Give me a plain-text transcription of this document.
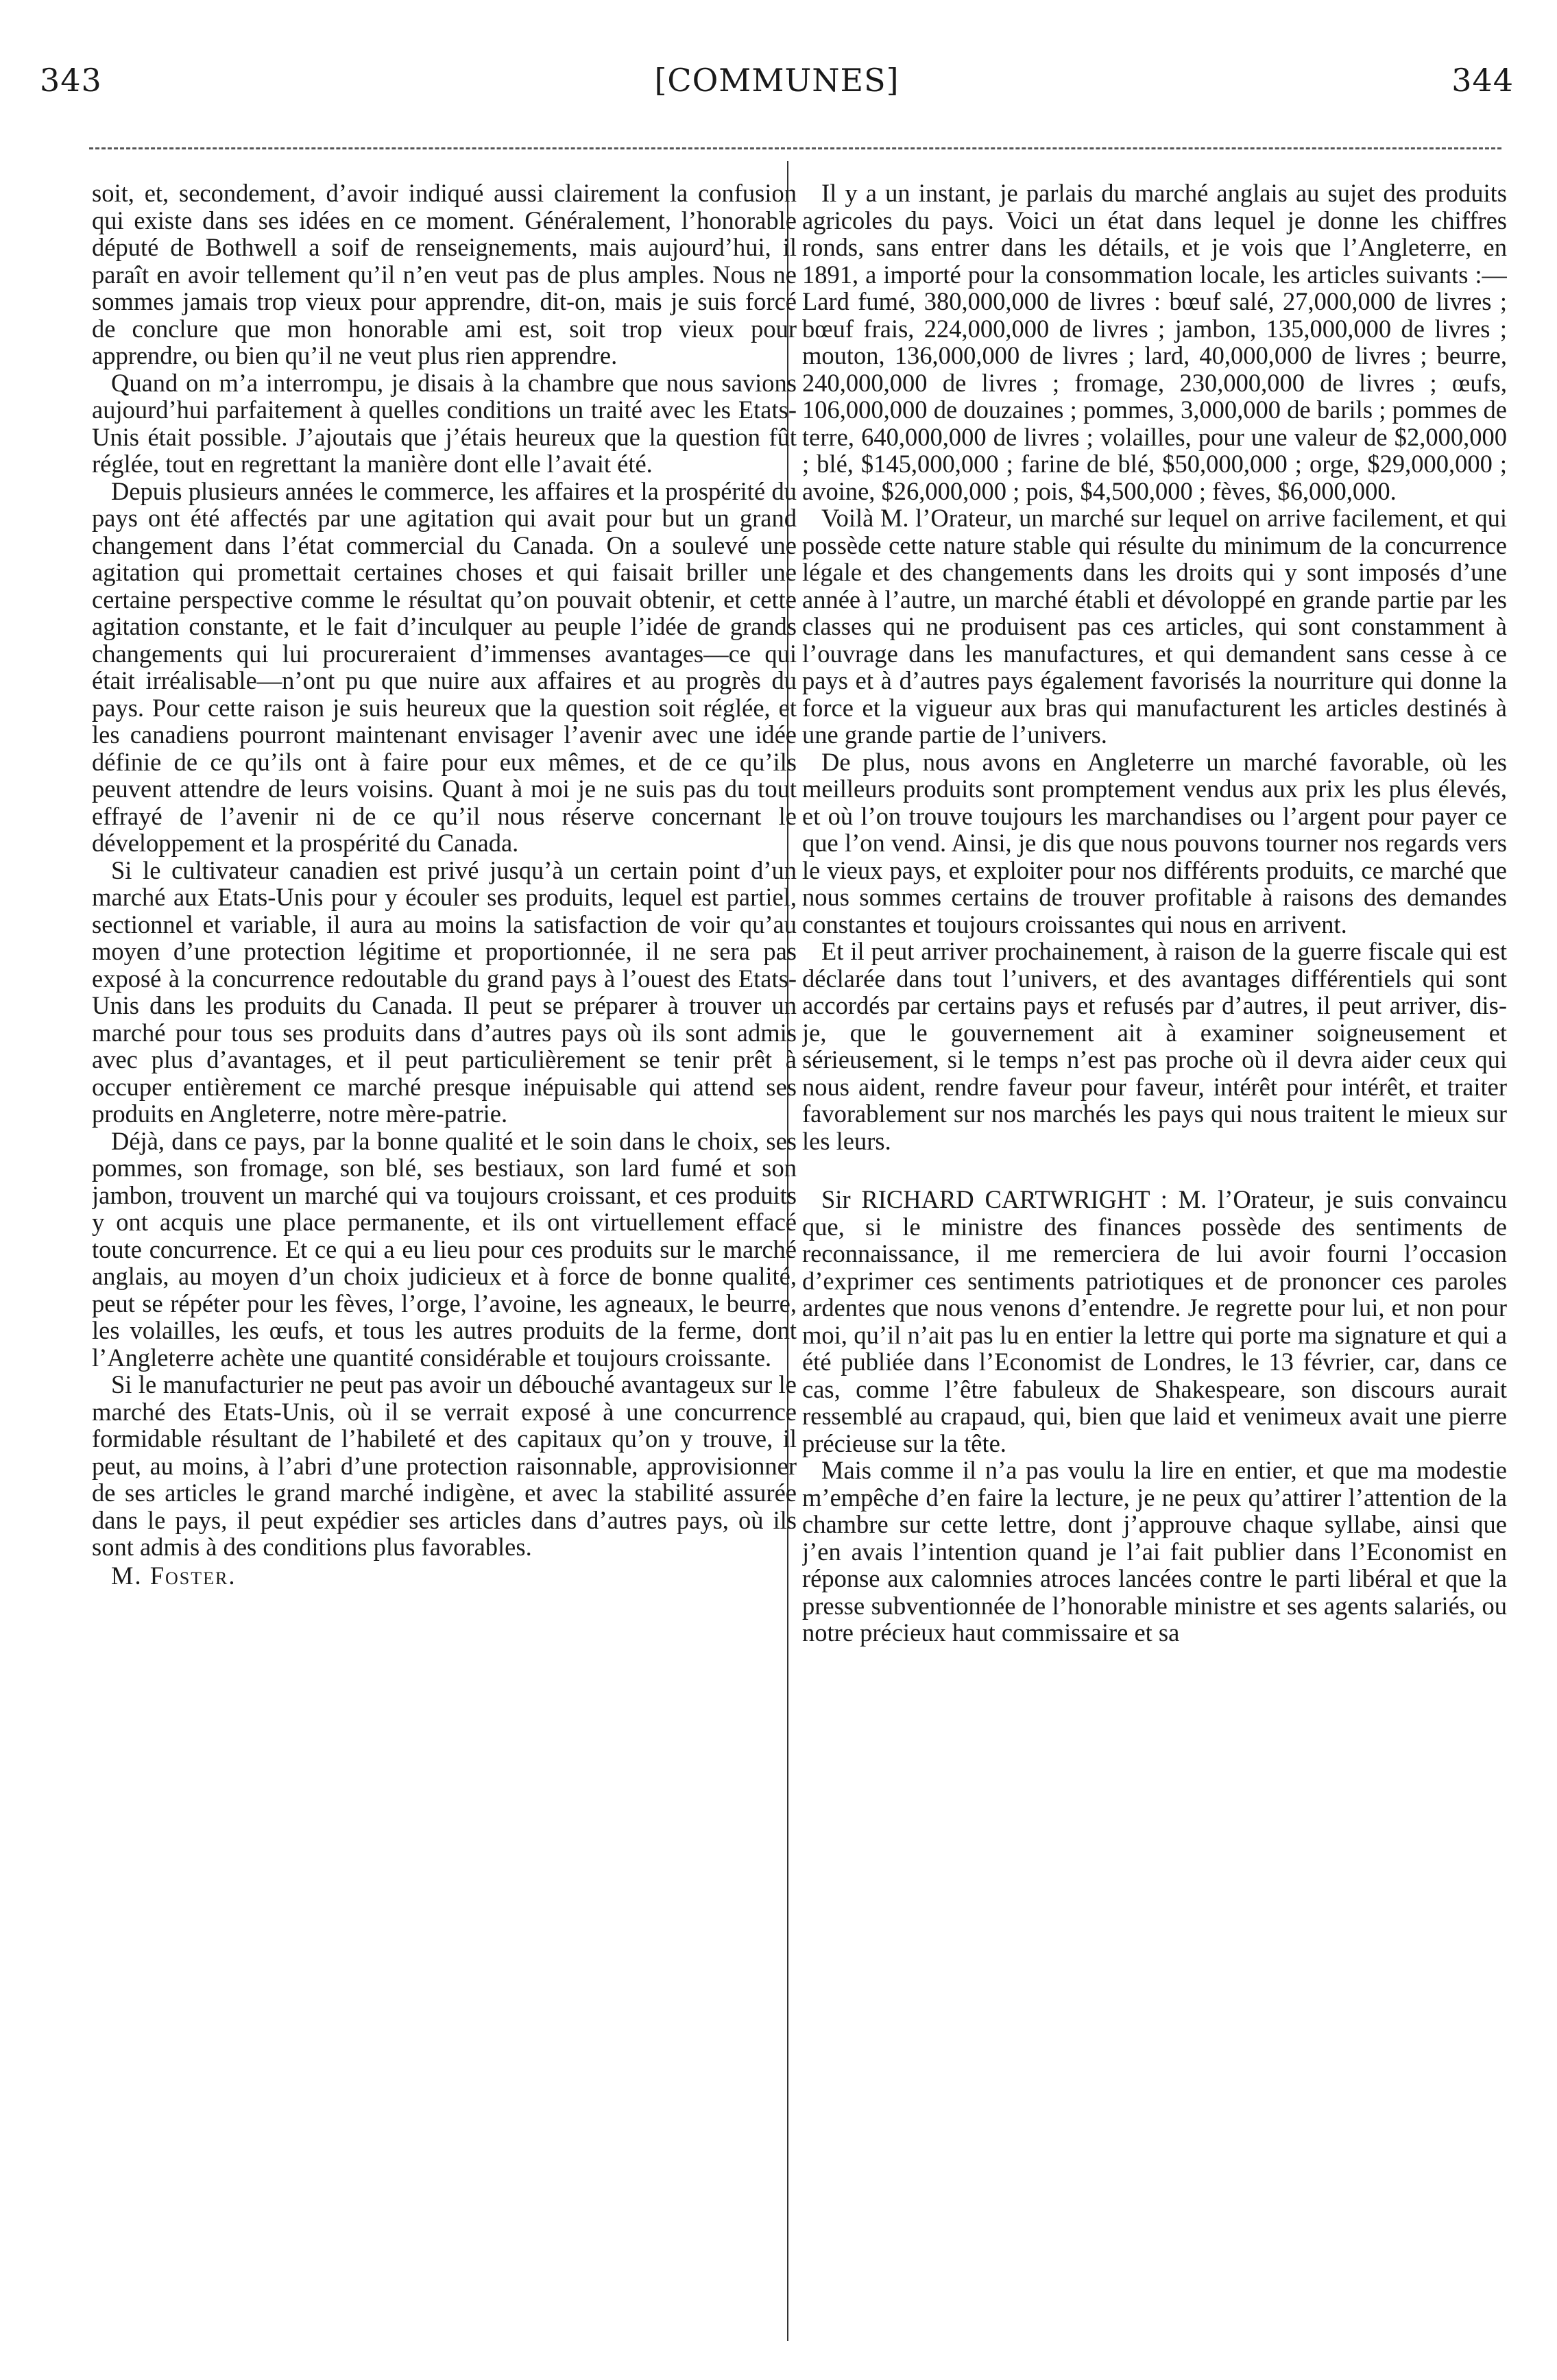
343	[COMMUNES]	344

soit, et, secondement, d’avoir indiqué aussi clairement la confusion qui existe dans ses idées en ce moment. Généralement, l’honorable député de Bothwell a soif de renseignements, mais aujourd’hui, il paraît en avoir tellement qu’il n’en veut pas de plus amples. Nous ne sommes jamais trop vieux pour apprendre, dit-on, mais je suis forcé de conclure que mon honorable ami est, soit trop vieux pour apprendre, ou bien qu’il ne veut plus rien apprendre.

Quand on m’a interrompu, je disais à la chambre que nous savions aujourd’hui parfaitement à quelles conditions un traité avec les Etats-Unis était possible. J’ajoutais que j’étais heureux que la question fût réglée, tout en regrettant la manière dont elle l’avait été.

Depuis plusieurs années le commerce, les affaires et la prospérité du pays ont été affectés par une agitation qui avait pour but un grand changement dans l’état commercial du Canada. On a soulevé une agitation qui promettait certaines choses et qui faisait briller une certaine perspective comme le résultat qu’on pouvait obtenir, et cette agitation constante, et le fait d’inculquer au peuple l’idée de grands changements qui lui procureraient d’immenses avantages—ce qui était irréalisable—n’ont pu que nuire aux affaires et au progrès du pays. Pour cette raison je suis heureux que la question soit réglée, et les canadiens pourront maintenant envisager l’avenir avec une idée définie de ce qu’ils ont à faire pour eux mêmes, et de ce qu’ils peuvent attendre de leurs voisins. Quant à moi je ne suis pas du tout effrayé de l’avenir ni de ce qu’il nous réserve concernant le développement et la prospérité du Canada.

Si le cultivateur canadien est privé jusqu’à un certain point d’un marché aux Etats-Unis pour y écouler ses produits, lequel est partiel, sectionnel et variable, il aura au moins la satisfaction de voir qu’au moyen d’une protection légitime et proportionnée, il ne sera pas exposé à la concurrence redoutable du grand pays à l’ouest des Etats-Unis dans les produits du Canada. Il peut se préparer à trouver un marché pour tous ses produits dans d’autres pays où ils sont admis avec plus d’avantages, et il peut particulièrement se tenir prêt à occuper entièrement ce marché presque inépuisable qui attend ses produits en Angleterre, notre mère-patrie.

Déjà, dans ce pays, par la bonne qualité et le soin dans le choix, ses pommes, son fromage, son blé, ses bestiaux, son lard fumé et son jambon, trouvent un marché qui va toujours croissant, et ces produits y ont acquis une place permanente, et ils ont virtuellement effacé toute concurrence. Et ce qui a eu lieu pour ces produits sur le marché anglais, au moyen d’un choix judicieux et à force de bonne qualité, peut se répéter pour les fèves, l’orge, l’avoine, les agneaux, le beurre, les volailles, les œufs, et tous les autres produits de la ferme, dont l’Angleterre achète une quantité considérable et toujours croissante.

Si le manufacturier ne peut pas avoir un débouché avantageux sur le marché des Etats-Unis, où il se verrait exposé à une concurrence formidable résultant de l’habileté et des capitaux qu’on y trouve, il peut, au moins, à l’abri d’une protection raisonnable, approvisionner de ses articles le grand marché indigène, et avec la stabilité assurée dans le pays, il peut expédier ses articles dans d’autres pays, où ils sont admis à des conditions plus favorables.

M. Foster.

Il y a un instant, je parlais du marché anglais au sujet des produits agricoles du pays. Voici un état dans lequel je donne les chiffres ronds, sans entrer dans les détails, et je vois que l’Angleterre, en 1891, a importé pour la consommation locale, les articles suivants :—Lard fumé, 380,000,000 de livres : bœuf salé, 27,000,000 de livres ; bœuf frais, 224,000,000 de livres ; jambon, 135,000,000 de livres ; mouton, 136,000,000 de livres ; lard, 40,000,000 de livres ; beurre, 240,000,000 de livres ; fromage, 230,000,000 de livres ; œufs, 106,000,000 de douzaines ; pommes, 3,000,000 de barils ; pommes de terre, 640,000,000 de livres ; volailles, pour une valeur de $2,000,000 ; blé, $145,000,000 ; farine de blé, $50,000,000 ; orge, $29,000,000 ; avoine, $26,000,000 ; pois, $4,500,000 ; fèves, $6,000,000.

Voilà M. l’Orateur, un marché sur lequel on arrive facilement, et qui possède cette nature stable qui résulte du minimum de la concurrence légale et des changements dans les droits qui y sont imposés d’une année à l’autre, un marché établi et dévoloppé en grande partie par les classes qui ne produisent pas ces articles, qui sont constamment à l’ouvrage dans les manufactures, et qui demandent sans cesse à ce pays et à d’autres pays également favorisés la nourriture qui donne la force et la vigueur aux bras qui manufacturent les articles destinés à une grande partie de l’univers.

De plus, nous avons en Angleterre un marché favorable, où les meilleurs produits sont promptement vendus aux prix les plus élevés, et où l’on trouve toujours les marchandises ou l’argent pour payer ce que l’on vend. Ainsi, je dis que nous pouvons tourner nos regards vers le vieux pays, et exploiter pour nos différents produits, ce marché que nous sommes certains de trouver profitable à raisons des demandes constantes et toujours croissantes qui nous en arrivent.

Et il peut arriver prochainement, à raison de la guerre fiscale qui est déclarée dans tout l’univers, et des avantages différentiels qui sont accordés par certains pays et refusés par d’autres, il peut arriver, dis-je, que le gouvernement ait à examiner soigneusement et sérieusement, si le temps n’est pas proche où il devra aider ceux qui nous aident, rendre faveur pour faveur, intérêt pour intérêt, et traiter favorablement sur nos marchés les pays qui nous traitent le mieux sur les leurs.

Sir RICHARD CARTWRIGHT : M. l’Orateur, je suis convaincu que, si le ministre des finances possède des sentiments de reconnaissance, il me remerciera de lui avoir fourni l’occasion d’exprimer ces sentiments patriotiques et de prononcer ces paroles ardentes que nous venons d’entendre. Je regrette pour lui, et non pour moi, qu’il n’ait pas lu en entier la lettre qui porte ma signature et qui a été publiée dans l’Economist de Londres, le 13 février, car, dans ce cas, comme l’être fabuleux de Shakespeare, son discours aurait ressemblé au crapaud, qui, bien que laid et venimeux avait une pierre précieuse sur la tête.

Mais comme il n’a pas voulu la lire en entier, et que ma modestie m’empêche d’en faire la lecture, je ne peux qu’attirer l’attention de la chambre sur cette lettre, dont j’approuve chaque syllabe, ainsi que j’en avais l’intention quand je l’ai fait publier dans l’Economist en réponse aux calomnies atroces lancées contre le parti libéral et que la presse subventionnée de l’honorable ministre et ses agents salariés, ou notre précieux haut commissaire et sa
